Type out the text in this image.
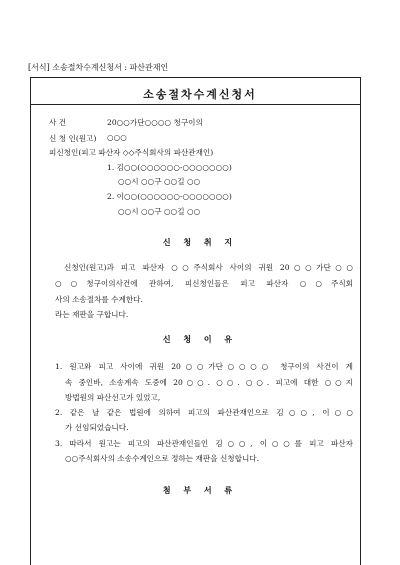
[서식] 소송절차수계신청서 : 파산관재인
소송절차수계신청서
사 건	20○○가단○○○○ 청구이의
신 청 인(원고) ○○○
피신청인(피고 파산자 ◇◇주식회사의 파산관재인)
1. 김○○(○○○○○○-○○○○○○○)
○○시 ○○구 ○○길 ○○
2. 이○○(○○○○○○-○○○○○○○)
○○시 ○○구 ○○길 ○○
신 청 취 지
신청인(원고)과 피고 파산자 ○○주식회사 사이의 귀원 20○○가단○○
○○청구이의사건에 관하여, 피신청인들은 피고 파산자 ○○주식회
사의 소송절차를 수계한다.
라는 재판을 구합니다.
신 청 이 유
1. 원고와 피고 사이에 귀원 20○○가단○○○○ 청구이의 사건이 계
속 중인바, 소송계속 도중에 20○○. ○○. ○○. 피고에 대한 ○○지
방법원의 파산선고가 있었고,
2. 같은 날 같은 법원에 의하여 피고의 파산관재인으로 김○○, 이○○
가 선임되었습니다.
3. 따라서 원고는 피고의 파산관재인들인 김○○, 이○○를 피고 파산자
○○주식회사의 소송수계인으로 정하는 재판을 신청합니다.
첨 부 서 류
